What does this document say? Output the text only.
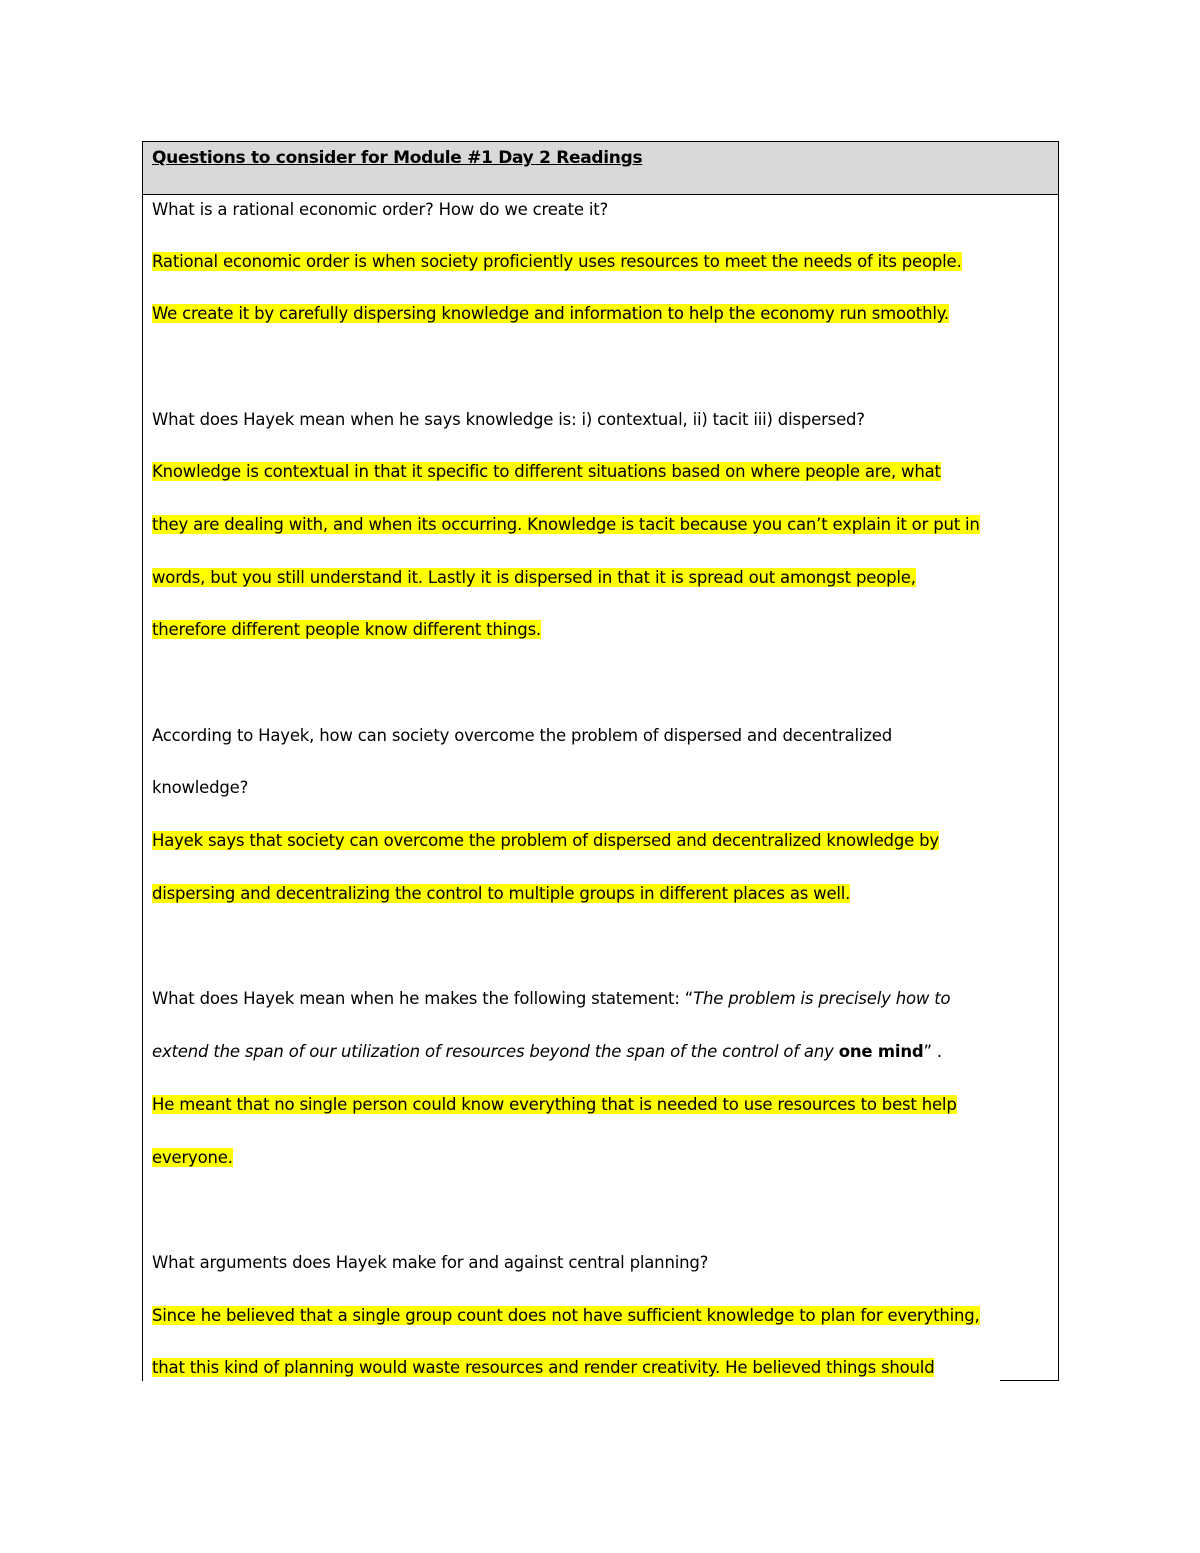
Questions to consider for Module #1 Day 2 Readings
What is a rational economic order? How do we create it?
Rational economic order is when society proficiently uses resources to meet the needs of its people.
We create it by carefully dispersing knowledge and information to help the economy run smoothly.
What does Hayek mean when he says knowledge is: i) contextual, ii) tacit iii) dispersed?
Knowledge is contextual in that it specific to different situations based on where people are, what
they are dealing with, and when its occurring. Knowledge is tacit because you can’t explain it or put in
words, but you still understand it. Lastly it is dispersed in that it is spread out amongst people,
therefore different people know different things.
According to Hayek, how can society overcome the problem of dispersed and decentralized
knowledge?
Hayek says that society can overcome the problem of dispersed and decentralized knowledge by
dispersing and decentralizing the control to multiple groups in different places as well.
What does Hayek mean when he makes the following statement: “The problem is precisely how to
extend the span of our utilization of resources beyond the span of the control of any one mind” .
He meant that no single person could know everything that is needed to use resources to best help
everyone.
What arguments does Hayek make for and against central planning?
Since he believed that a single group count does not have sufficient knowledge to plan for everything,
that this kind of planning would waste resources and render creativity. He believed things should
